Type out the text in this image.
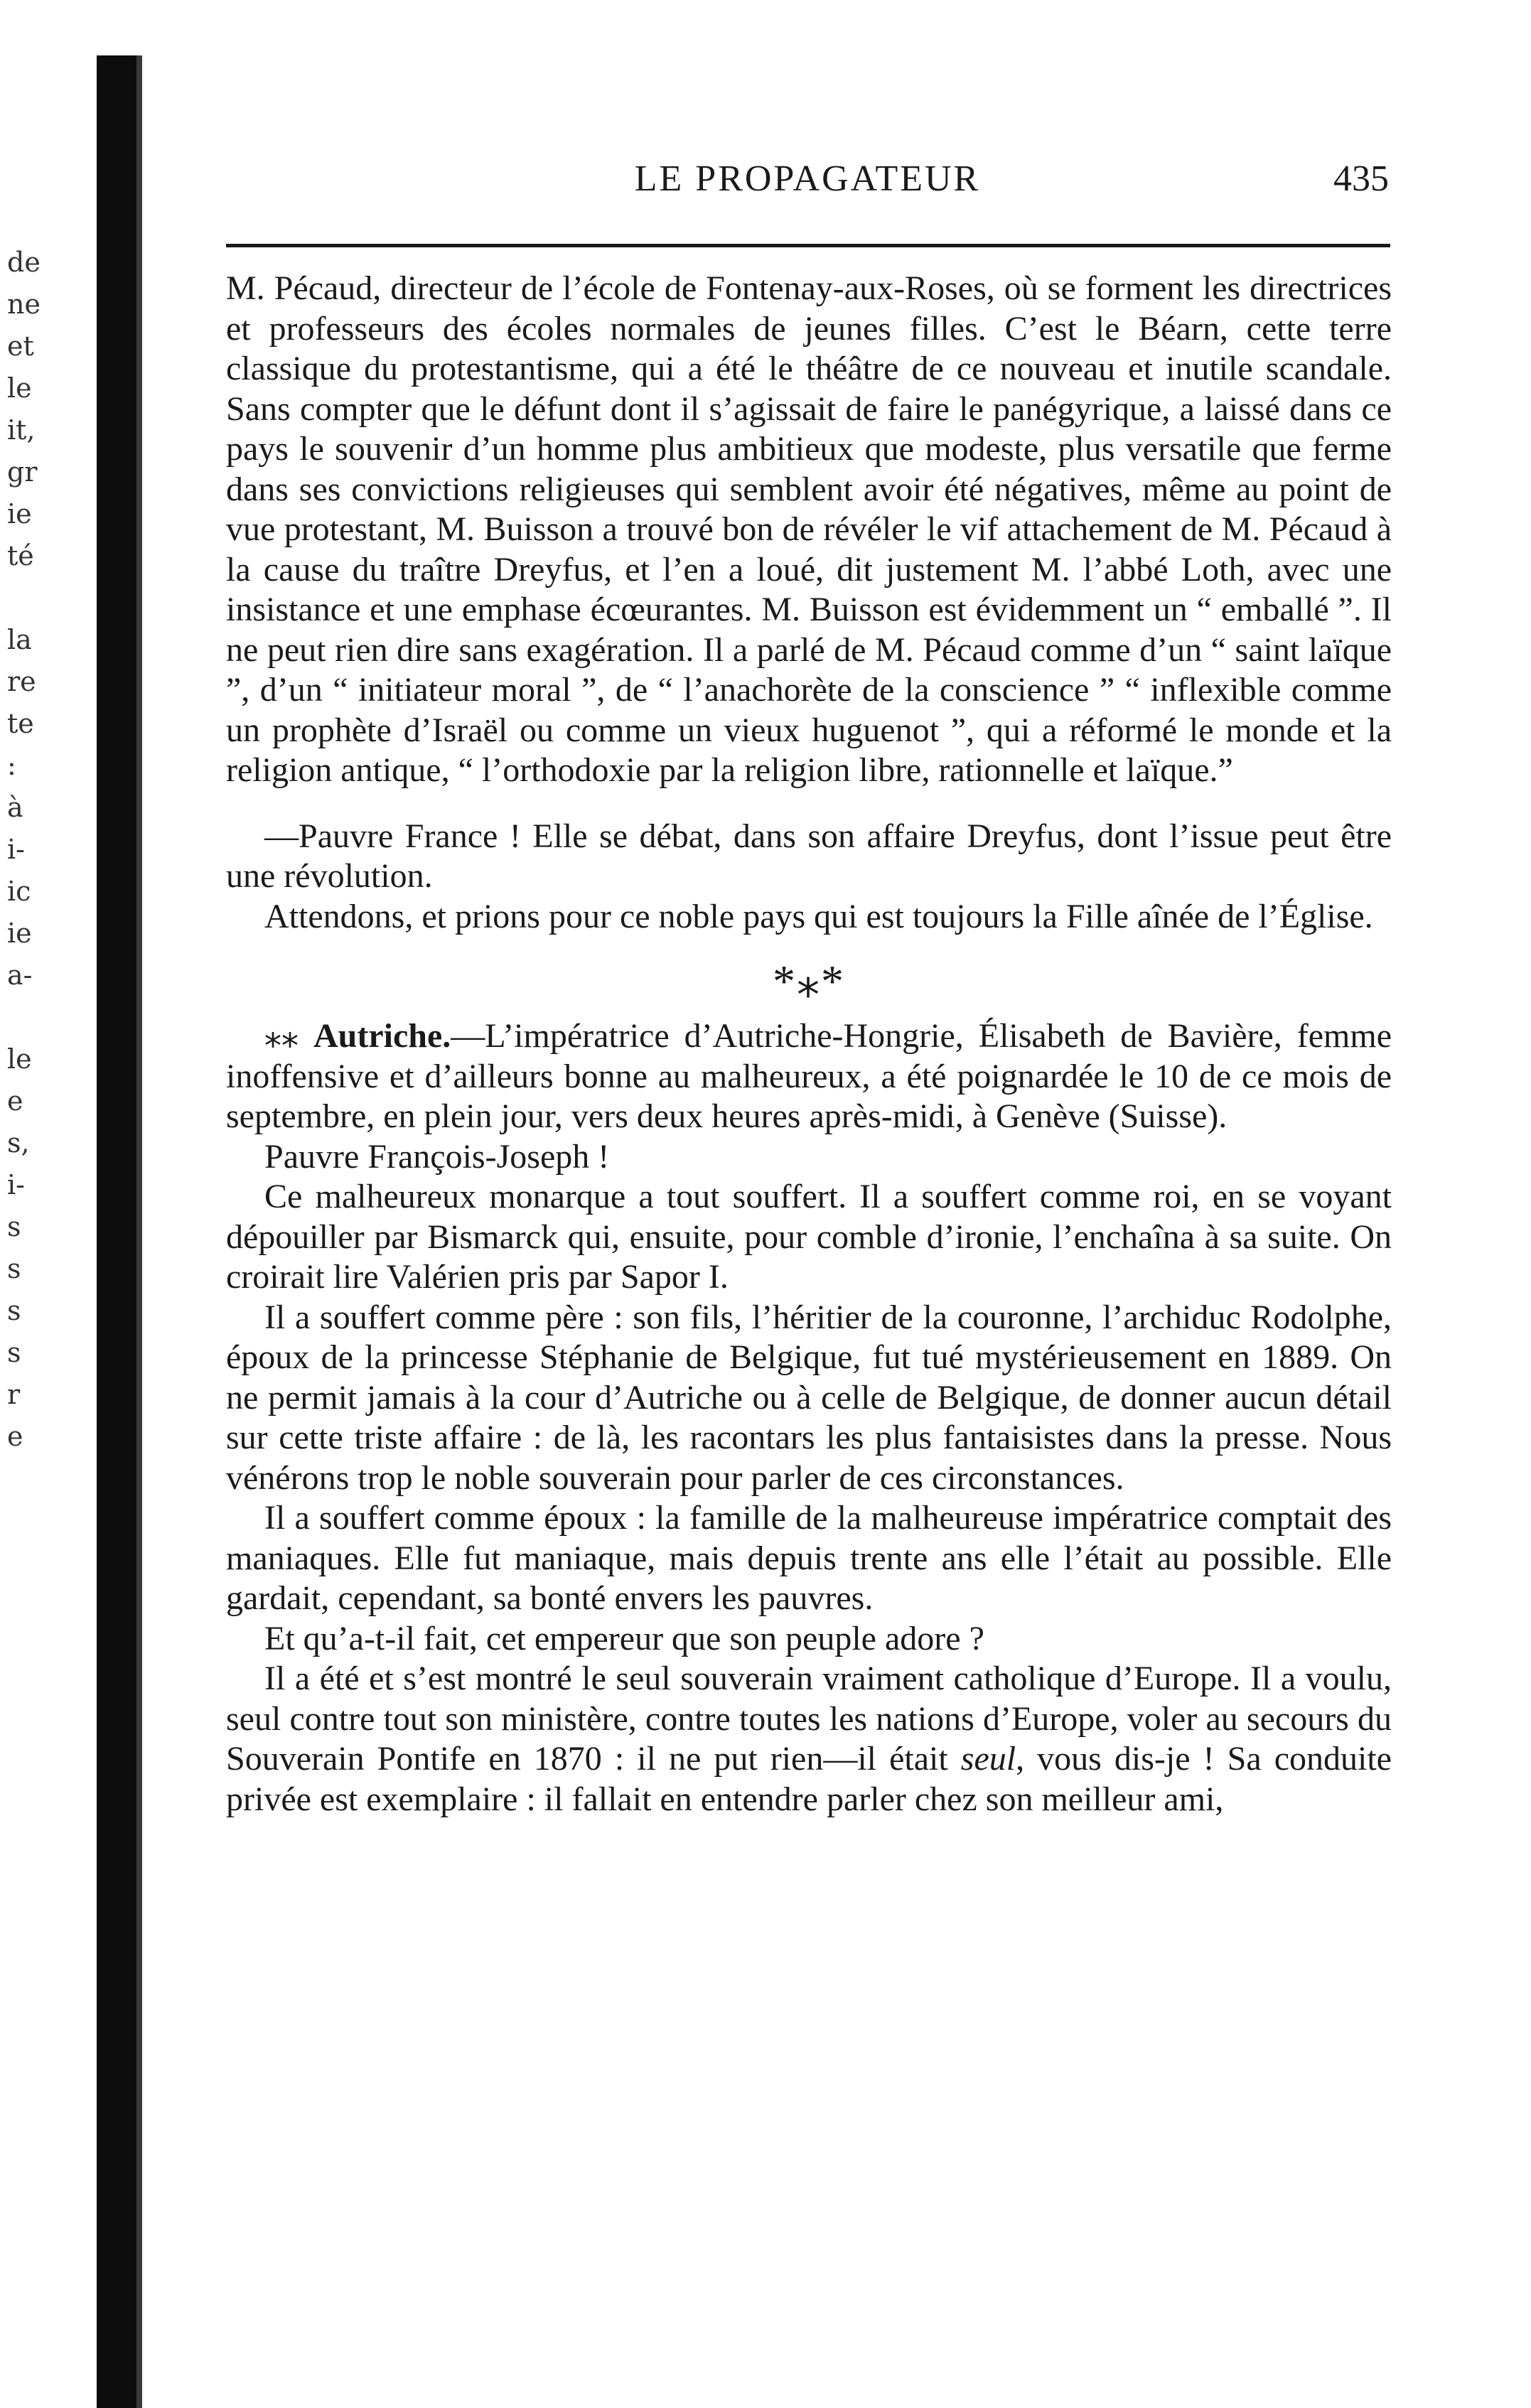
de
ne
et
le
it,
gr
ie
té
la
re
te
:
à
i-
ic
ie
a-
le
e
s,
i-
s
s
s
s
r
e
LE PROPAGATEUR	435

M. Pécaud, directeur de l’école de Fontenay-aux-Roses, où se forment les directrices et professeurs des écoles normales de jeunes filles. C’est le Béarn, cette terre classique du protestantisme, qui a été le théâtre de ce nouveau et inutile scandale. Sans compter que le défunt dont il s’agissait de faire le panégyrique, a laissé dans ce pays le souvenir d’un homme plus ambitieux que modeste, plus versatile que ferme dans ses convictions religieuses qui semblent avoir été négatives, même au point de vue protestant, M. Buisson a trouvé bon de révéler le vif attachement de M. Pécaud à la cause du traître Dreyfus, et l’en a loué, dit justement M. l’abbé Loth, avec une insistance et une emphase écœurantes. M. Buisson est évidemment un “ emballé ”. Il ne peut rien dire sans exagération. Il a parlé de M. Pécaud comme d’un “ saint laïque ”, d’un “ initiateur moral ”, de “ l’anachorète de la conscience ” “ inflexible comme un prophète d’Israël ou comme un vieux huguenot ”, qui a réformé le monde et la religion antique, “ l’orthodoxie par la religion libre, rationnelle et laïque.”

—Pauvre France ! Elle se débat, dans son affaire Dreyfus, dont l’issue peut être une révolution.

Attendons, et prions pour ce noble pays qui est toujours la Fille aînée de l’Église.

*⁎*

⁎⁎ Autriche.—L’impératrice d’Autriche-Hongrie, Élisabeth de Bavière, femme inoffensive et d’ailleurs bonne au malheureux, a été poignardée le 10 de ce mois de septembre, en plein jour, vers deux heures après-midi, à Genève (Suisse).

Pauvre François-Joseph !

Ce malheureux monarque a tout souffert. Il a souffert comme roi, en se voyant dépouiller par Bismarck qui, ensuite, pour comble d’ironie, l’enchaîna à sa suite. On croirait lire Valérien pris par Sapor I.

Il a souffert comme père : son fils, l’héritier de la couronne, l’archiduc Rodolphe, époux de la princesse Stéphanie de Belgique, fut tué mystérieusement en 1889. On ne permit jamais à la cour d’Autriche ou à celle de Belgique, de donner aucun détail sur cette triste affaire : de là, les racontars les plus fantaisistes dans la presse. Nous vénérons trop le noble souverain pour parler de ces circonstances.

Il a souffert comme époux : la famille de la malheureuse impératrice comptait des maniaques. Elle fut maniaque, mais depuis trente ans elle l’était au possible. Elle gardait, cependant, sa bonté envers les pauvres.

Et qu’a-t-il fait, cet empereur que son peuple adore ?

Il a été et s’est montré le seul souverain vraiment catholique d’Europe. Il a voulu, seul contre tout son ministère, contre toutes les nations d’Europe, voler au secours du Souverain Pontife en 1870 : il ne put rien—il était seul, vous dis-je ! Sa conduite privée est exemplaire : il fallait en entendre parler chez son meilleur ami,
